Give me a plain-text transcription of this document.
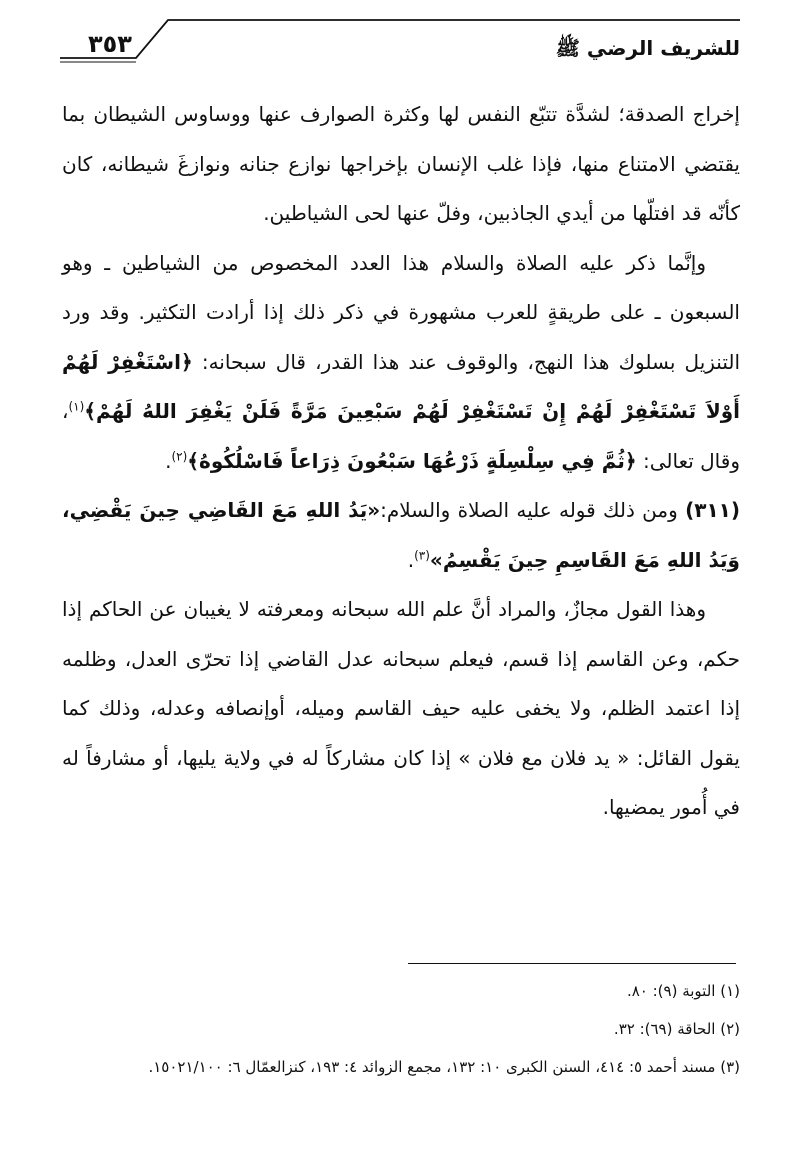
للشريف الرضي ﷺ
٣٥٣

إخراج الصدقة؛ لشدَّة تتبّع النفس لها وكثرة الصوارف عنها ووساوس الشيطان بما يقتضي الامتناع منها، فإذا غلب الإنسان بإخراجها نوازع جنانه ونوازغَ شيطانه، كان كأنّه قد افتلّها من أيدي الجاذبين، وفلّ عنها لحى الشياطين.

وإنَّما ذكر عليه الصلاة والسلام هذا العدد المخصوص من الشياطين ـ وهو السبعون ـ على طريقةٍ للعرب مشهورة في ذكر ذلك إذا أرادت التكثير. وقد ورد التنزيل بسلوك هذا النهج، والوقوف عند هذا القدر، قال سبحانه: ﴿اسْتَغْفِرْ لَهُمْ أَوْلاَ تَسْتَغْفِرْ لَهُمْ إِنْ تَسْتَغْفِرْ لَهُمْ سَبْعِينَ مَرَّةً فَلَنْ يَغْفِرَ اللهُ لَهُمْ﴾$^{(١)}$، وقال تعالى: ﴿ثُمَّ فِي سِلْسِلَةٍ ذَرْعُهَا سَبْعُونَ ذِرَاعاً فَاسْلُكُوهُ﴾$^{(٢)}$.

(٣١١) ومن ذلك قوله عليه الصلاة والسلام:«يَدُ اللهِ مَعَ القَاضِي حِينَ يَقْضِي، وَيَدُ اللهِ مَعَ القَاسِمِ حِينَ يَقْسِمُ»$^{(٣)}$.

وهذا القول مجازٌ، والمراد أنَّ علم الله سبحانه ومعرفته لا يغيبان عن الحاكم إذا حكم، وعن القاسم إذا قسم، فيعلم سبحانه عدل القاضي إذا تحرّى العدل، وظلمه إذا اعتمد الظلم، ولا يخفى عليه حيف القاسم وميله، أوإنصافه وعدله، وذلك كما يقول القائل: « يد فلان مع فلان » إذا كان مشاركاً له في ولاية يليها، أو مشارفاً له في أُمور يمضيها.

(١) التوبة (٩): ٨٠.

(٢) الحاقة (٦٩): ٣٢.

(٣) مسند أحمد ٥: ٤١٤، السنن الكبرى ١٠: ١٣٢، مجمع الزوائد ٤: ١٩٣، كنزالعمّال ٦: ١٥٠٢١/١٠٠.
